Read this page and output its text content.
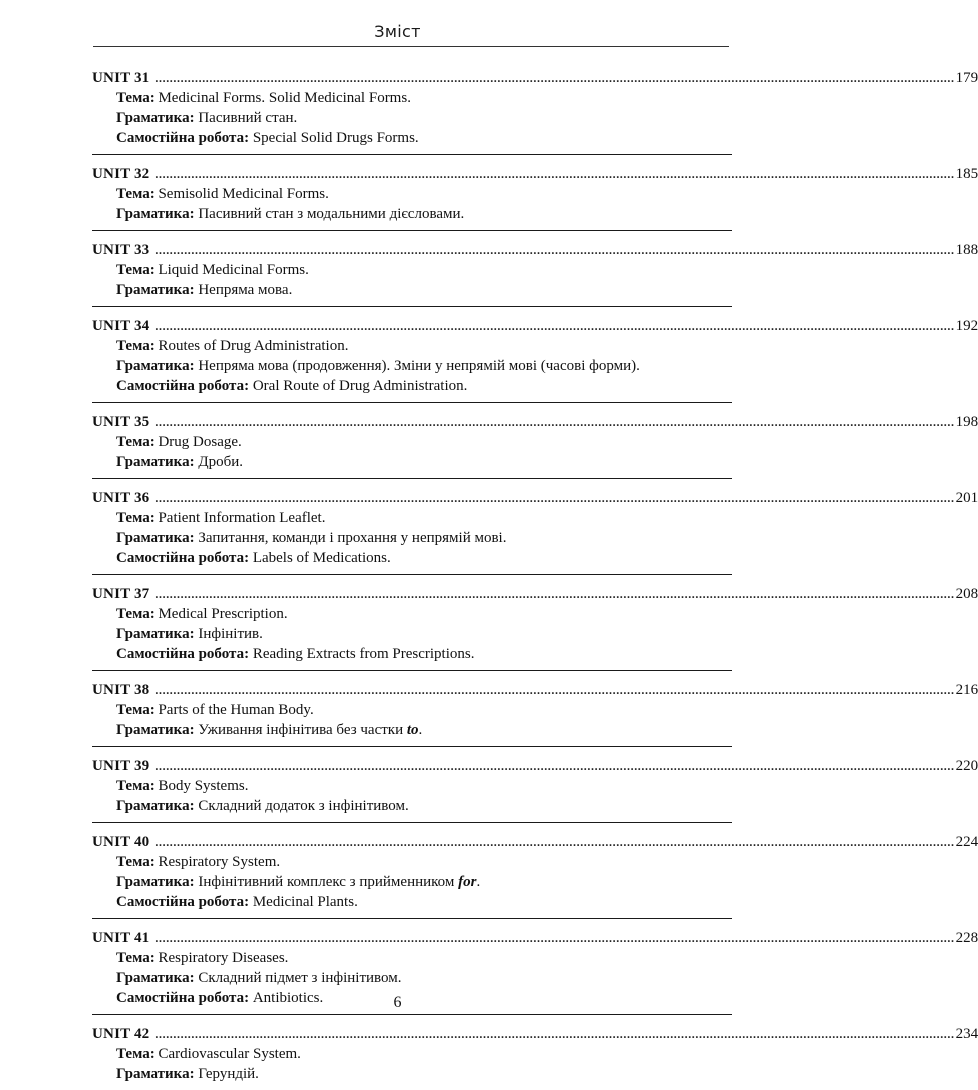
Зміст
UNIT 31 .............................................................................................................................................................................................................................. 179
Тема: Medicinal Forms. Solid Medicinal Forms.
Граматика: Пасивний стан.
Самостійна робота: Special Solid Drugs Forms.
UNIT 32 .............................................................................................................................................................................................................................. 185
Тема: Semisolid Medicinal Forms.
Граматика: Пасивний стан з модальними дієсловами.
UNIT 33 .............................................................................................................................................................................................................................. 188
Тема: Liquid Medicinal Forms.
Граматика: Непряма мова.
UNIT 34 .............................................................................................................................................................................................................................. 192
Тема: Routes of Drug Administration.
Граматика: Непряма мова (продовження). Зміни у непрямій мові (часові форми).
Самостійна робота: Oral Route of Drug Administration.
UNIT 35 .............................................................................................................................................................................................................................. 198
Тема: Drug Dosage.
Граматика: Дроби.
UNIT 36 .............................................................................................................................................................................................................................. 201
Тема: Patient Information Leaflet.
Граматика: Запитання, команди і прохання у непрямій мові.
Самостійна робота: Labels of Medications.
UNIT 37 .............................................................................................................................................................................................................................. 208
Тема: Medical Prescription.
Граматика: Інфінітив.
Самостійна робота: Reading Extracts from Prescriptions.
UNIT 38 .............................................................................................................................................................................................................................. 216
Тема: Parts of the Human Body.
Граматика: Уживання інфінітива без частки to.
UNIT 39 .............................................................................................................................................................................................................................. 220
Тема: Body Systems.
Граматика: Складний додаток з інфінітивом.
UNIT 40 .............................................................................................................................................................................................................................. 224
Тема: Respiratory System.
Граматика: Інфінітивний комплекс з прийменником for.
Самостійна робота: Medicinal Plants.
UNIT 41 .............................................................................................................................................................................................................................. 228
Тема: Respiratory Diseases.
Граматика: Складний підмет з інфінітивом.
Самостійна робота: Antibiotics.
UNIT 42 .............................................................................................................................................................................................................................. 234
Тема: Cardiovascular System.
Граматика: Герундій.
6
